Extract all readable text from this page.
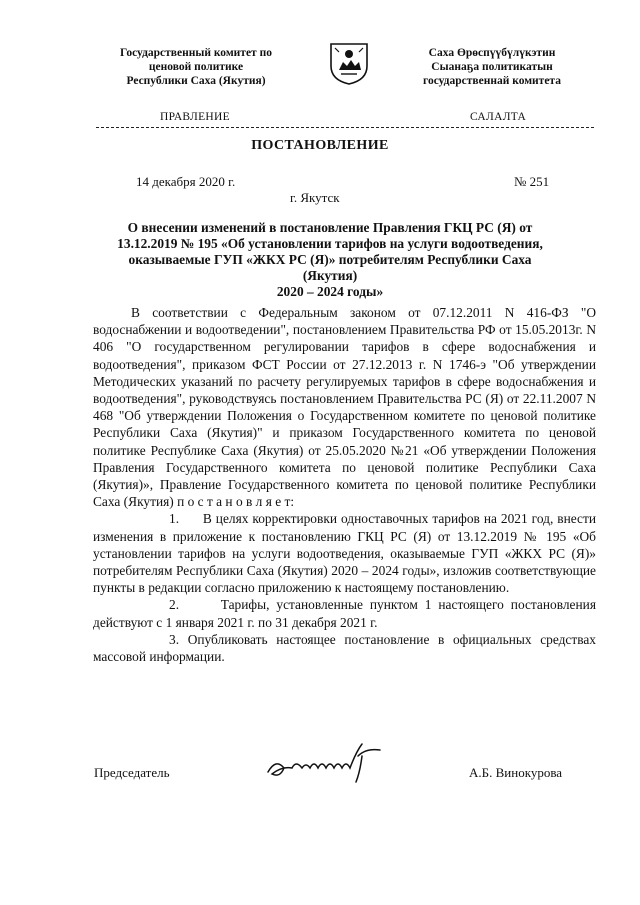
Государственный комитет по
ценовой политике
Республики Саха (Якутия)
Саха Өрөспүүбүлүкэтин
Сыанаҕа политикатын
государственнай комитета
ПРАВЛЕНИЕ	САЛАЛТА
ПОСТАНОВЛЕНИЕ
14 декабря 2020 г.	№ 251
г. Якутск
О внесении изменений в постановление Правления ГКЦ РС (Я) от
13.12.2019 № 195 «Об установлении тарифов на услуги водоотведения,
оказываемые ГУП «ЖКХ РС (Я)» потребителям Республики Саха (Якутия)
2020 – 2024 годы»

В соответствии с Федеральным законом от 07.12.2011 N 416-ФЗ "О водоснабжении и водоотведении", постановлением Правительства РФ от 15.05.2013г. N 406 "О государственном регулировании тарифов в сфере водоснабжения и водоотведения", приказом ФСТ России от 27.12.2013 г. N 1746-э "Об утверждении Методических указаний по расчету регулируемых тарифов в сфере водоснабжения и водоотведения", руководствуясь постановлением Правительства РС (Я) от 22.11.2007 N 468 "Об утверждении Положения о Государственном комитете по ценовой политике Республики Саха (Якутия)" и приказом Государственного комитета по ценовой политике Республике Саха (Якутия) от 25.05.2020 №21 «Об утверждении Положения Правления Государственного комитета по ценовой политике Республики Саха (Якутия)», Правление Государственного комитета по ценовой политике Республики Саха (Якутия) п о с т а н о в л я е т:

1. В целях корректировки одноставочных тарифов на 2021 год, внести изменения в приложение к постановлению ГКЦ РС (Я) от 13.12.2019 № 195 «Об установлении тарифов на услуги водоотведения, оказываемые ГУП «ЖКХ РС (Я)» потребителям Республики Саха (Якутия) 2020 – 2024 годы», изложив соответствующие пункты в редакции согласно приложению к настоящему постановлению.

2.	Тарифы, установленные пунктом 1 настоящего постановления действуют с 1 января 2021 г. по 31 декабря 2021 г.

3. Опубликовать настоящее постановление в официальных средствах массовой информации.

Председатель	А.Б. Винокурова
